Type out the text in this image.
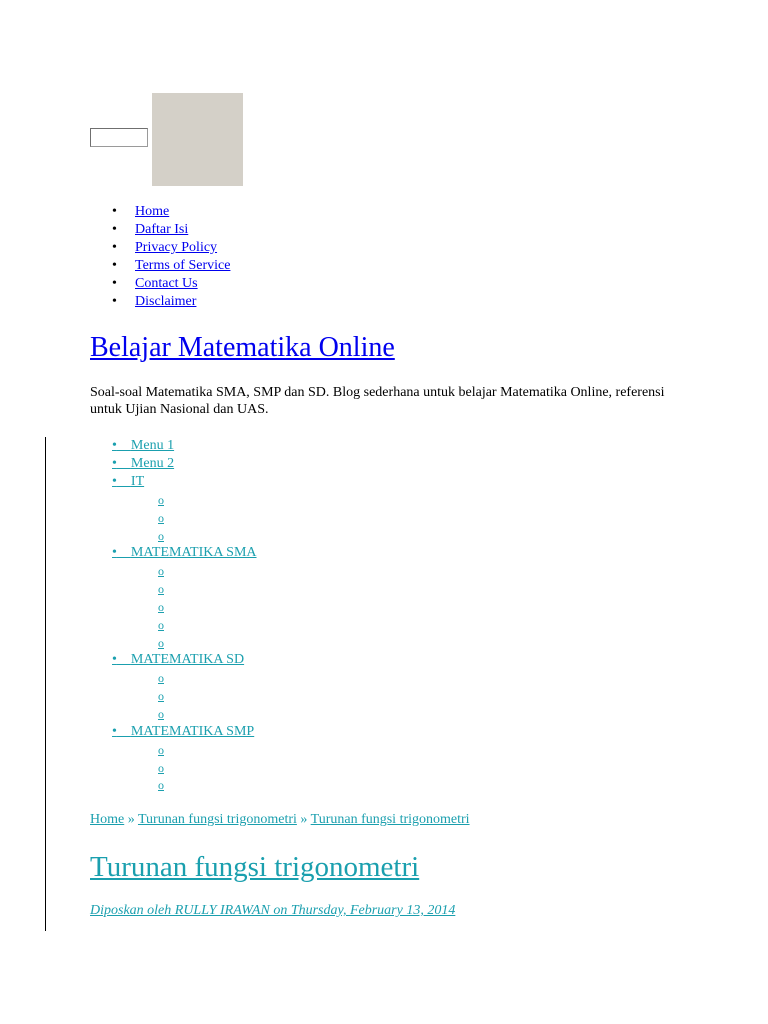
• Home
• Daftar Isi
• Privacy Policy
• Terms of Service
• Contact Us
• Disclaimer
Belajar Matematika Online

Soal-soal Matematika SMA, SMP dan SD. Blog sederhana untuk belajar Matematika Online, referensi untuk Ujian Nasional dan UAS.

• Menu 1
• Menu 2
• IT
o
o
o
• MATEMATIKA SMA
o
o
o
o
o
• MATEMATIKA SD
o
o
o
• MATEMATIKA SMP
o
o
o
Home » Turunan fungsi trigonometri » Turunan fungsi trigonometri
Turunan fungsi trigonometri
Diposkan oleh RULLY IRAWAN on Thursday, February 13, 2014
